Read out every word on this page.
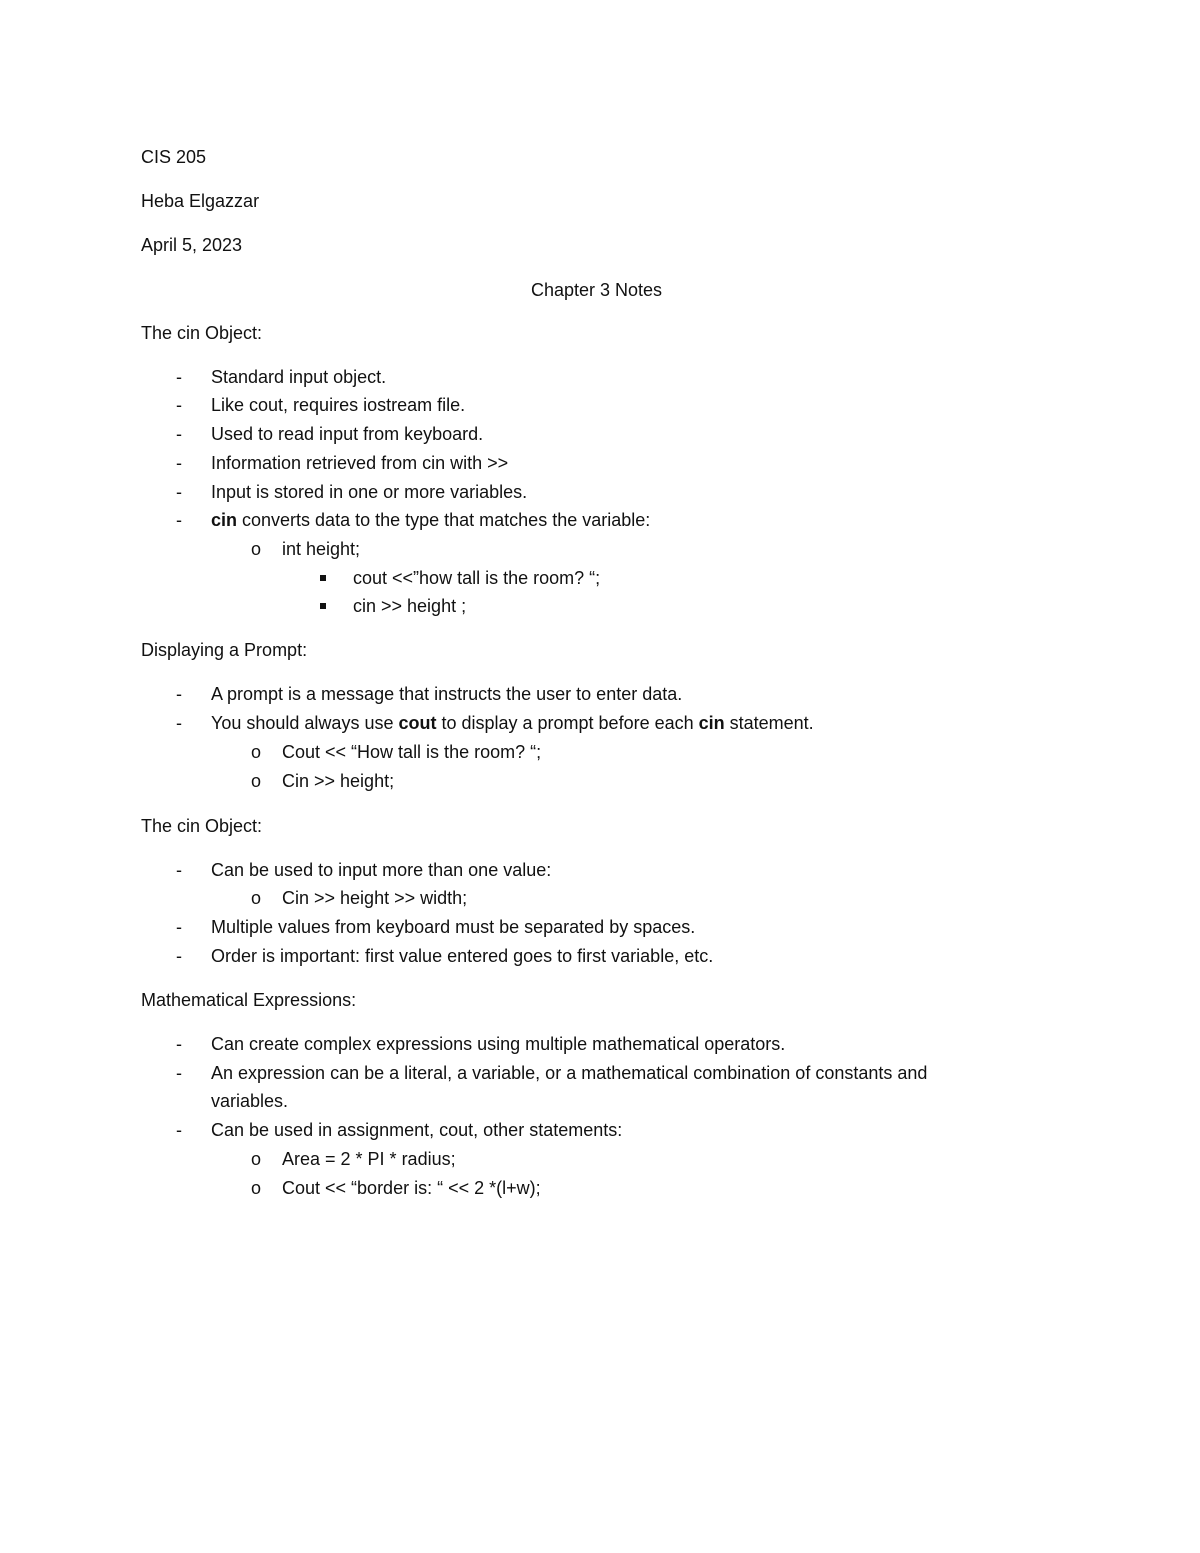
CIS 205
Heba Elgazzar
April 5, 2023
Chapter 3 Notes
The cin Object:
- Standard input object.
- Like cout, requires iostream file.
- Used to read input from keyboard.
- Information retrieved from cin with >>
- Input is stored in one or more variables.
- cin converts data to the type that matches the variable:
o int height;
cout <<”how tall is the room? “;
cin >> height ;
Displaying a Prompt:
- A prompt is a message that instructs the user to enter data.
- You should always use cout to display a prompt before each cin statement.
o Cout << “How tall is the room? “;
o Cin >> height;
The cin Object:
- Can be used to input more than one value:
o Cin >> height >> width;
- Multiple values from keyboard must be separated by spaces.
- Order is important: first value entered goes to first variable, etc.
Mathematical Expressions:
- Can create complex expressions using multiple mathematical operators.
- An expression can be a literal, a variable, or a mathematical combination of constants and
variables.
- Can be used in assignment, cout, other statements:
o Area = 2 * PI * radius;
o Cout << “border is: “ << 2 *(l+w);
